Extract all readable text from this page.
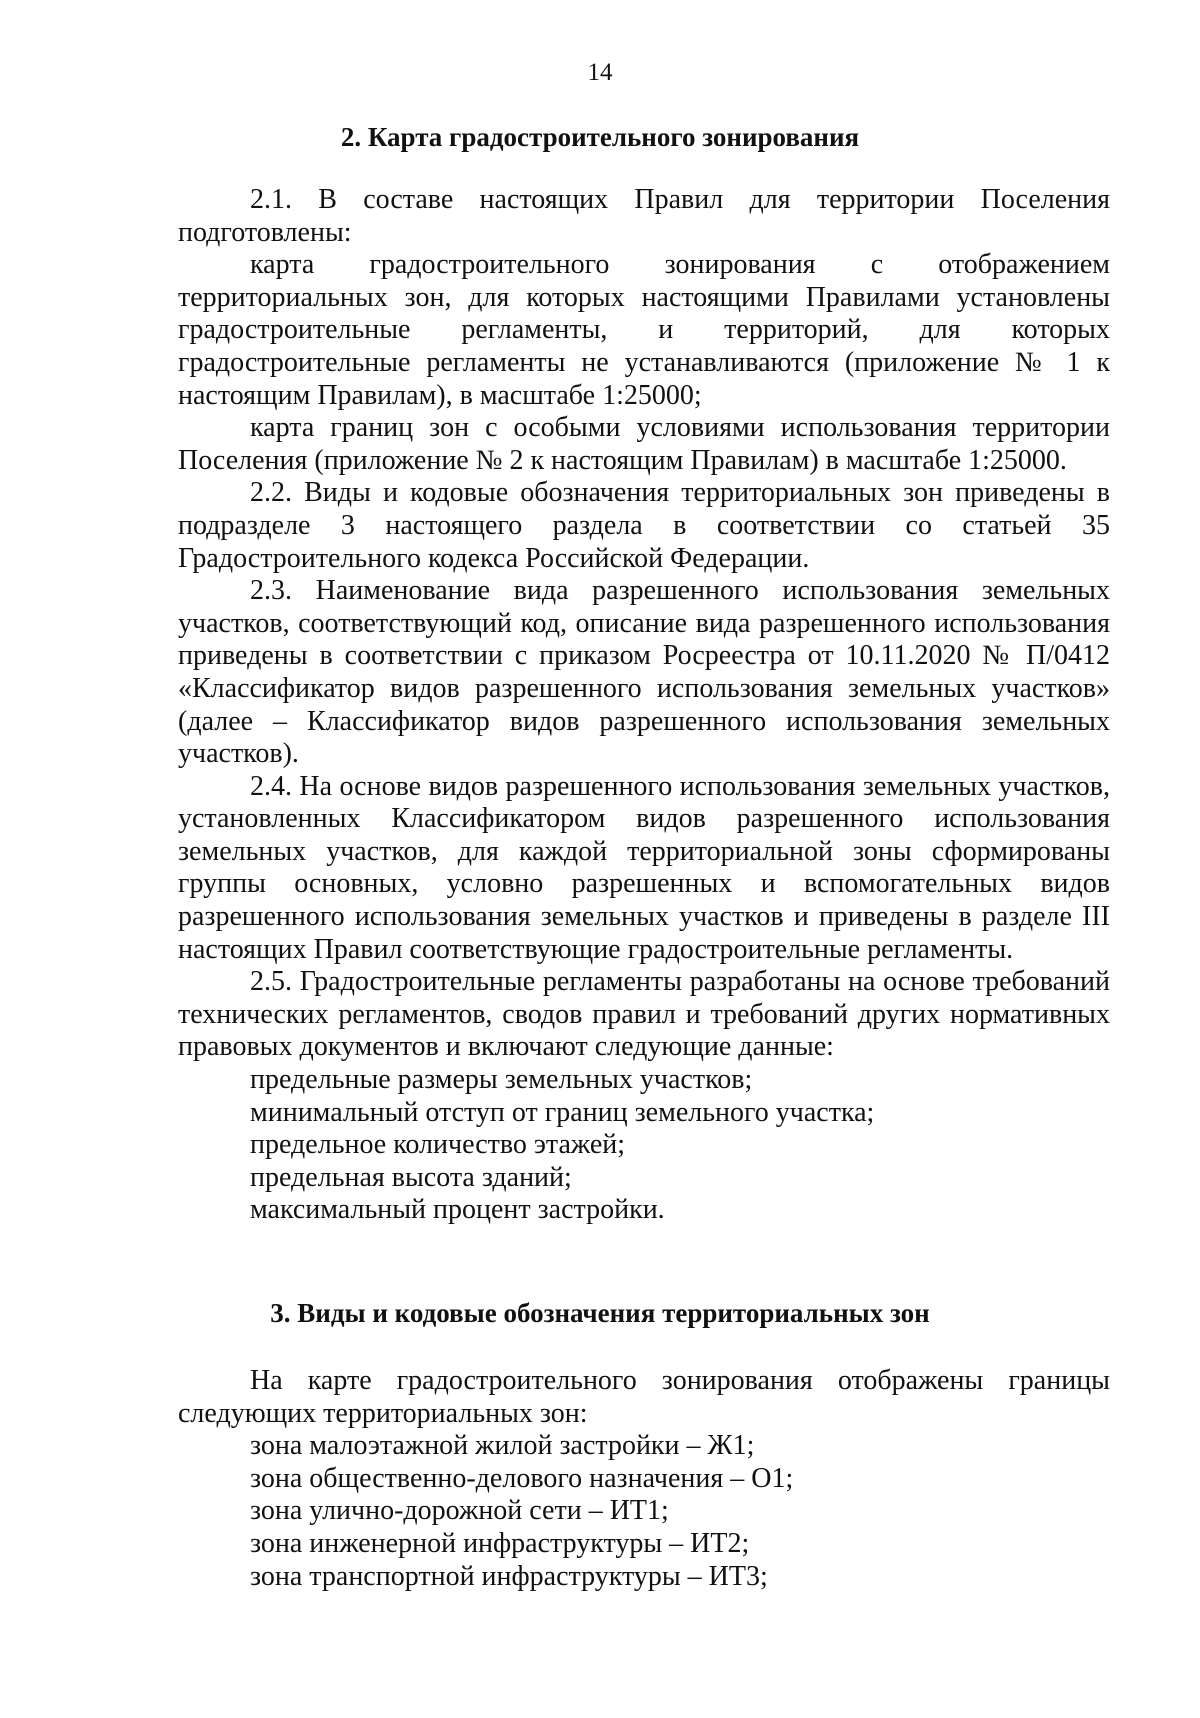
14
2. Карта градостроительного зонирования

2.1. В составе настоящих Правил для территории Поселения подготовлены:

карта градостроительного зонирования с отображением территориальных зон, для которых настоящими Правилами установлены градостроительные регламенты, и территорий, для которых градостроительные регламенты не устанавливаются (приложение № 1 к настоящим Правилам), в масштабе 1:25000;

карта границ зон с особыми условиями использования территории Поселения (приложение № 2 к настоящим Правилам) в масштабе 1:25000.

2.2. Виды и кодовые обозначения территориальных зон приведены в подразделе 3 настоящего раздела в соответствии со статьей 35 Градостроительного кодекса Российской Федерации.

2.3. Наименование вида разрешенного использования земельных участков, соответствующий код, описание вида разрешенного использования приведены в соответствии с приказом Росреестра от 10.11.2020 № П/0412 «Классификатор видов разрешенного использования земельных участков» (далее – Классификатор видов разрешенного использования земельных участков).

2.4. На основе видов разрешенного использования земельных участков, установленных Классификатором видов разрешенного использования земельных участков, для каждой территориальной зоны сформированы группы основных, условно разрешенных и вспомогательных видов разрешенного использования земельных участков и приведены в разделе III настоящих Правил соответствующие градостроительные регламенты.

2.5. Градостроительные регламенты разработаны на основе требований технических регламентов, сводов правил и требований других нормативных правовых документов и включают следующие данные:

предельные размеры земельных участков;

минимальный отступ от границ земельного участка;

предельное количество этажей;

предельная высота зданий;

максимальный процент застройки.

3. Виды и кодовые обозначения территориальных зон

На карте градостроительного зонирования отображены границы следующих территориальных зон:

зона малоэтажной жилой застройки – Ж1;

зона общественно-делового назначения – О1;

зона улично-дорожной сети – ИТ1;

зона инженерной инфраструктуры – ИТ2;

зона транспортной инфраструктуры – ИТ3;
